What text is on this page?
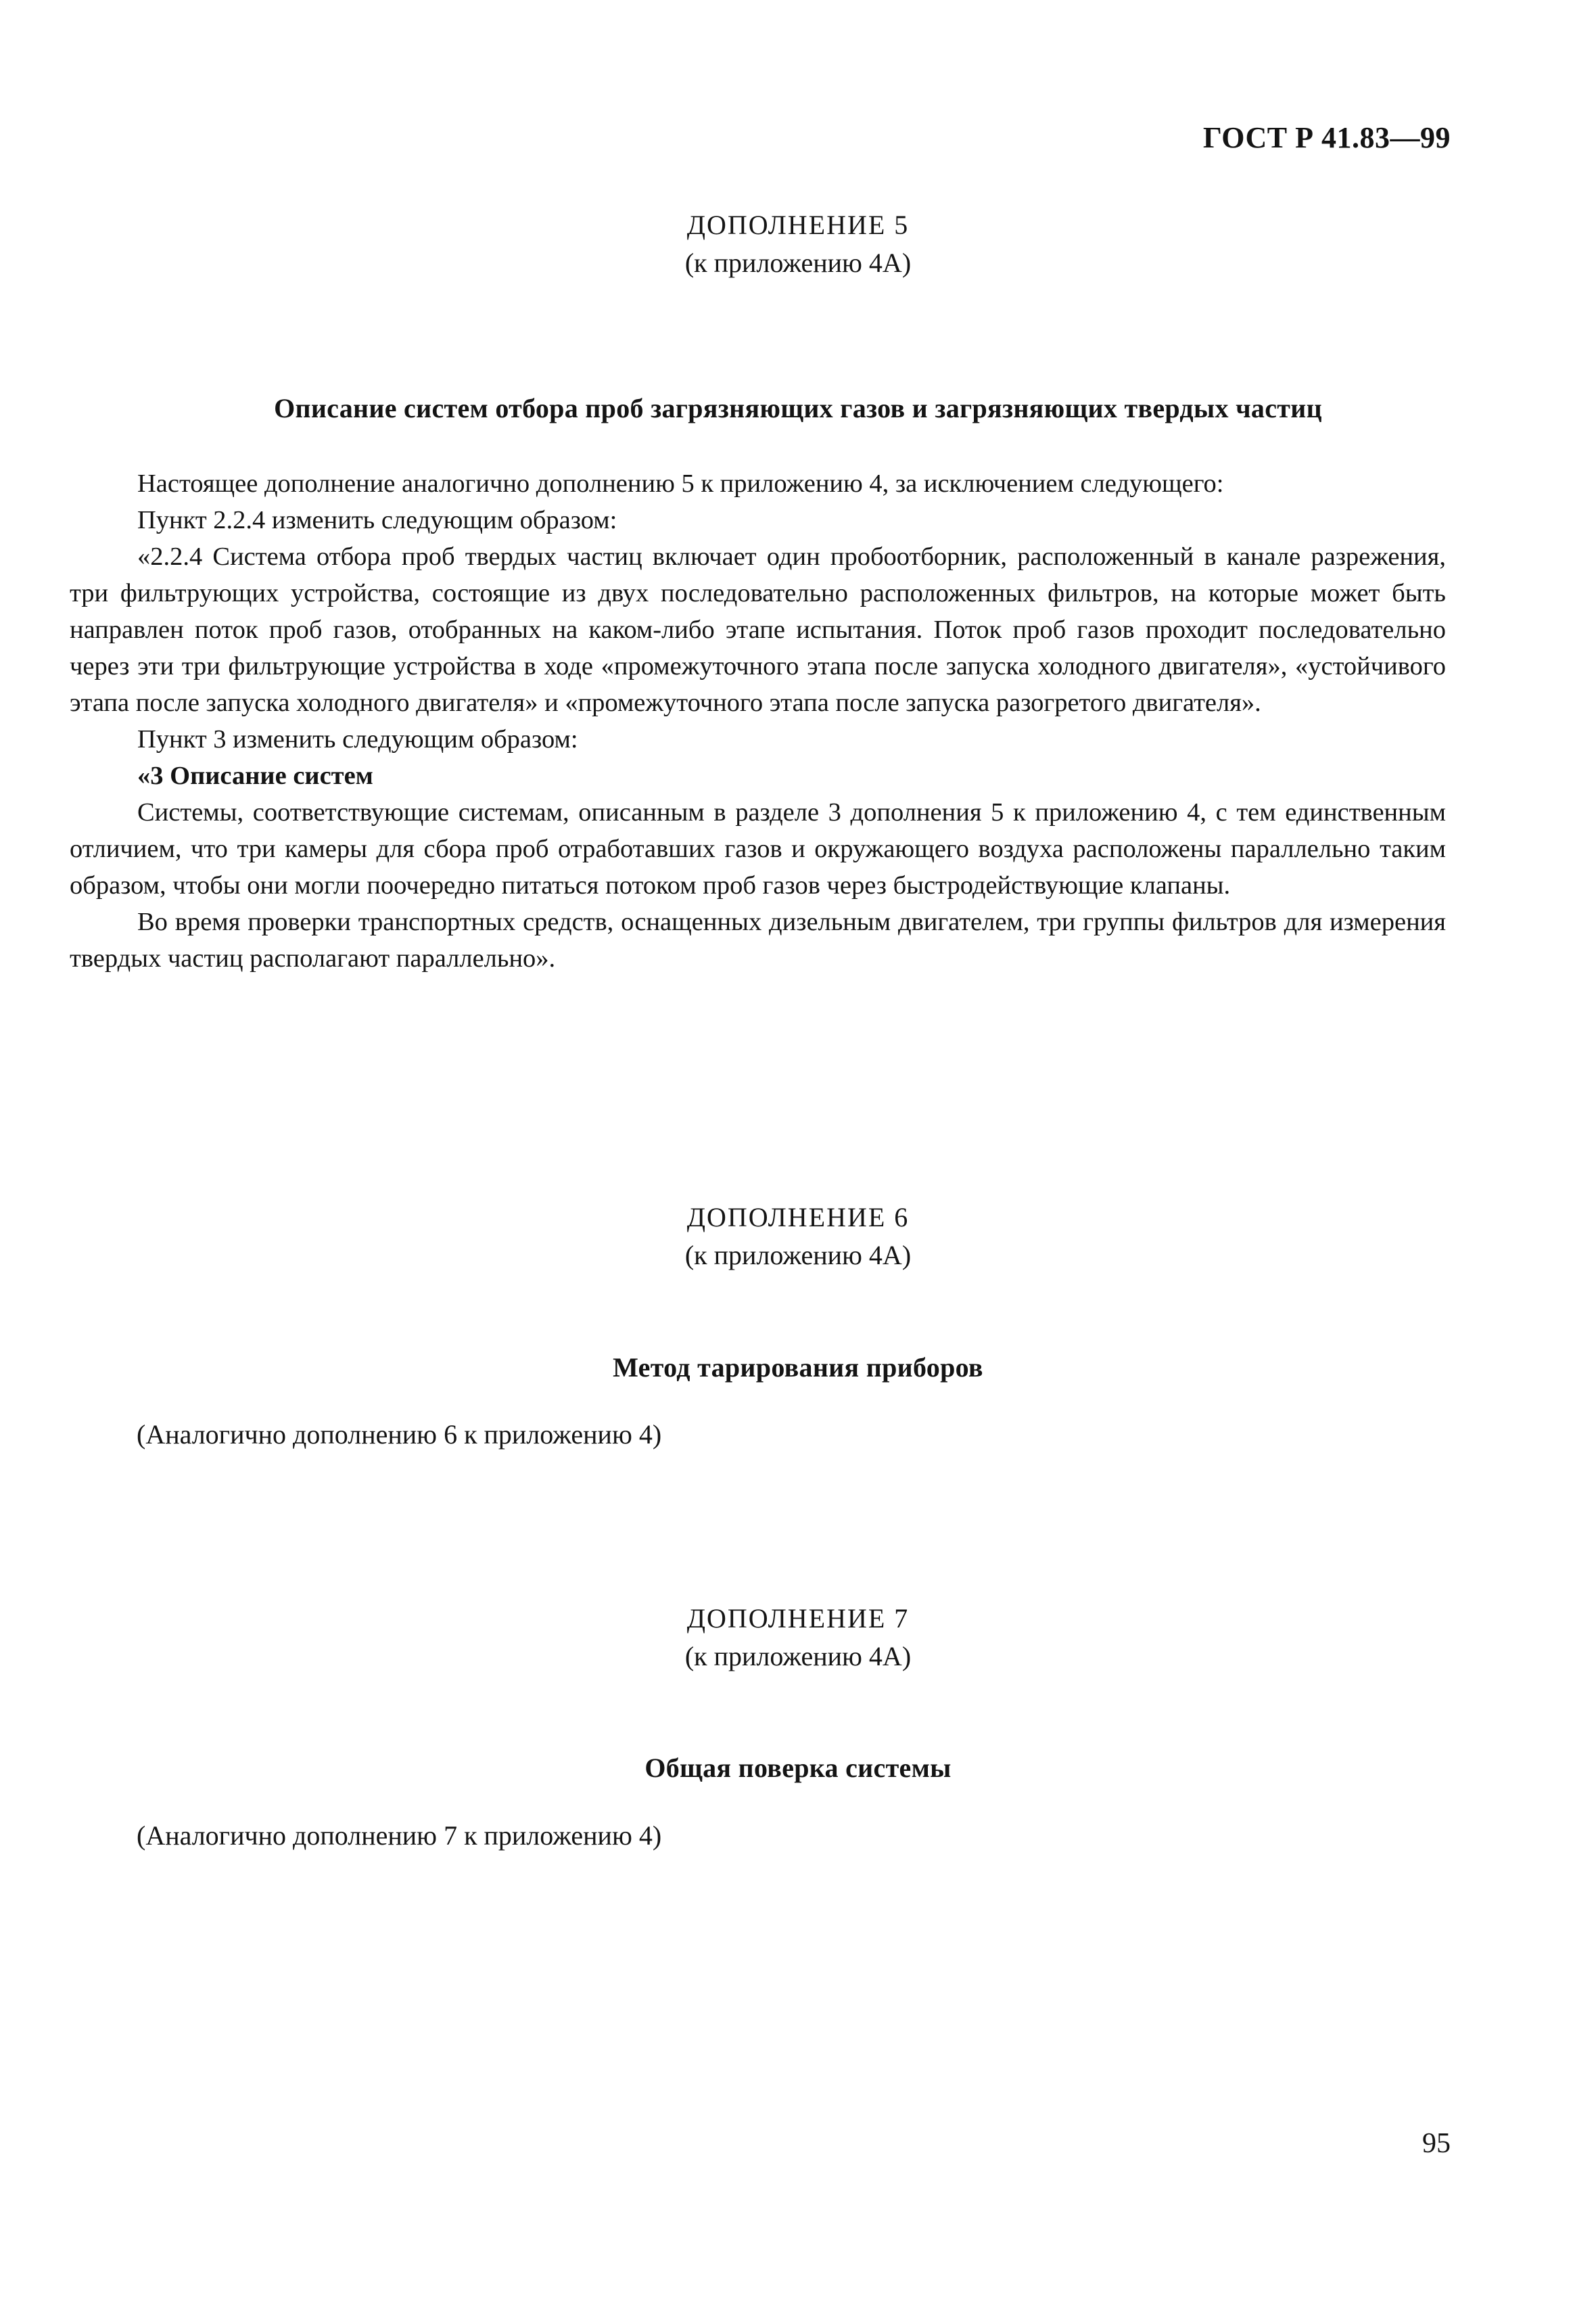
ГОСТ Р 41.83—99
ДОПОЛНЕНИЕ 5
(к приложению 4А)
Описание систем отбора проб загрязняющих газов и загрязняющих твердых частиц

Настоящее дополнение аналогично дополнению 5 к приложению 4, за исключением следующего:

Пункт 2.2.4 изменить следующим образом:

«2.2.4 Система отбора проб твердых частиц включает один пробоотборник, расположенный в канале разрежения, три фильтрующих устройства, состоящие из двух последовательно расположенных фильтров, на которые может быть направлен поток проб газов, отобранных на каком-либо этапе испытания. Поток проб газов проходит последовательно через эти три фильтрующие устройства в ходе «промежуточного этапа после запуска холодного двигателя», «устойчивого этапа после запуска холодного двигателя» и «промежуточного этапа после запуска разогретого двигателя».

Пункт 3 изменить следующим образом:

«3 Описание систем

Системы, соответствующие системам, описанным в разделе 3 дополнения 5 к приложению 4, с тем единственным отличием, что три камеры для сбора проб отработавших газов и окружающего воздуха расположены параллельно таким образом, чтобы они могли поочередно питаться потоком проб газов через быстродействующие клапаны.

Во время проверки транспортных средств, оснащенных дизельным двигателем, три группы фильтров для измерения твердых частиц располагают параллельно».

ДОПОЛНЕНИЕ 6
(к приложению 4А)
Метод тарирования приборов
(Аналогично дополнению 6 к приложению 4)
ДОПОЛНЕНИЕ 7
(к приложению 4А)
Общая поверка системы
(Аналогично дополнению 7 к приложению 4)
95
